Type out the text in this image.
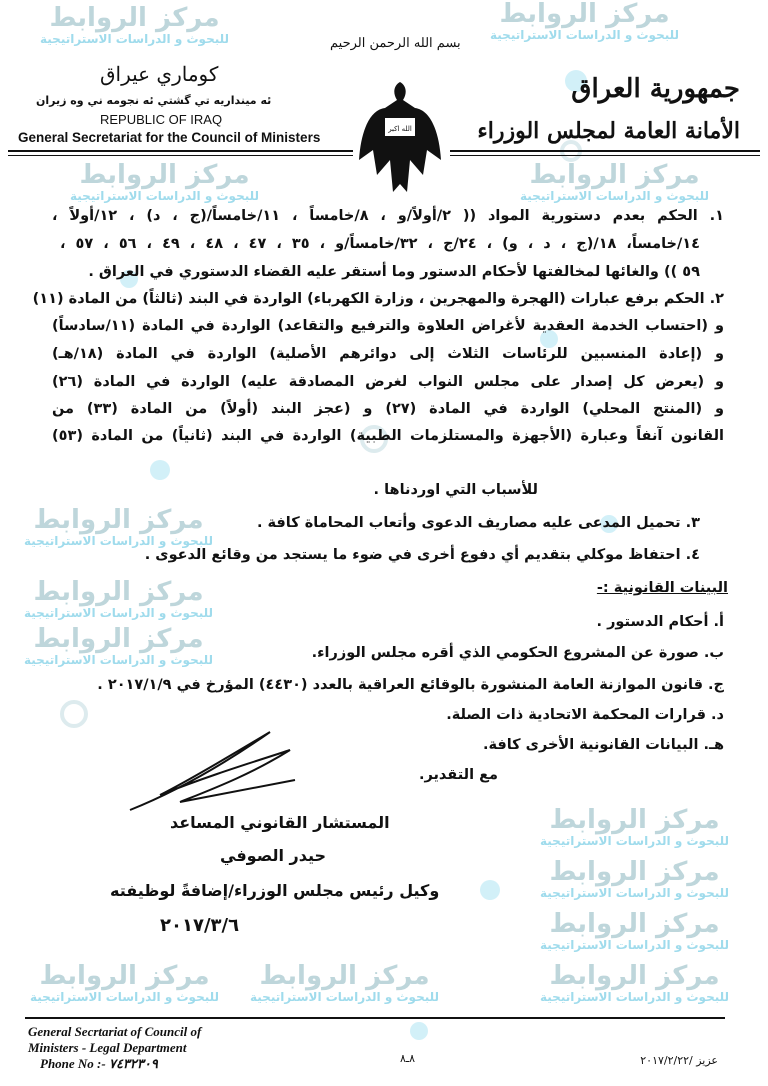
مركز الروابط
للبحوث و الدراسات الاستراتيجية
مركز الروابط
للبحوث و الدراسات الاستراتيجية
مركز الروابط
للبحوث و الدراسات الاستراتيجية
مركز الروابط
للبحوث و الدراسات الاستراتيجية
مركز الروابط
للبحوث و الدراسات الاستراتيجية
مركز الروابط
للبحوث و الدراسات الاستراتيجية
مركز الروابط
للبحوث و الدراسات الاستراتيجية
مركز الروابط
للبحوث و الدراسات الاستراتيجية
مركز الروابط
للبحوث و الدراسات الاستراتيجية
مركز الروابط
للبحوث و الدراسات الاستراتيجية
مركز الروابط
للبحوث و الدراسات الاستراتيجية
مركز الروابط
للبحوث و الدراسات الاستراتيجية
مركز الروابط
للبحوث و الدراسات الاستراتيجية
بسم الله الرحمن الرحيم
جمهورية العراق
الأمانة العامة لمجلس الوزراء
كوماري عيراق
ئه مينداريه تي گشتي ئه نجومه ني وه زيران
REPUBLIC OF IRAQ
General Secretariat for the Council of Ministers
الله اكبر
١. الحكم بعدم دستورية المواد (( ٢/أولاً/و ، ٨/خامساً ، ١١/خامساً/(ج ، د) ، ١٢/أولاً ،
١٤/خامساً، ١٨/(ج ، د ، و) ، ٢٤/ج ، ٣٢/خامساً/و ، ٣٥ ، ٤٧ ، ٤٨ ، ٤٩ ، ٥٦ ، ٥٧ ،
٥٩ )) والغائها لمخالفتها لأحكام الدستور وما أستقر عليه القضاء الدستوري في العراق .
٢. الحكم برفع عبارات (الهجرة والمهجرين ، وزارة الكهرباء) الواردة في البند (ثالثاً) من المادة (١١)
و (احتساب الخدمة العقدية لأغراض العلاوة والترفيع والتقاعد) الواردة في المادة (١١/سادساً)
و (إعادة المنسبين للرئاسات الثلاث إلى دوائرهم الأصلية) الواردة في المادة (١٨/هـ)
و (يعرض كل إصدار على مجلس النواب لغرض المصادقة عليه) الواردة في المادة (٢٦)
و (المنتج المحلي) الواردة في المادة (٢٧) و (عجز البند (أولاً) من المادة (٣٣) من
القانون آنفاً وعبارة (الأجهزة والمستلزمات الطبية) الواردة في البند (ثانياً) من المادة (٥٣)
للأسباب التي اوردناها .
٣. تحميل المدعى عليه مصاريف الدعوى وأتعاب المحاماة كافة .
٤. احتفاظ موكلي بتقديم أي دفوع أخرى في ضوء ما يستجد من وقائع الدعوى .
البينات القانونية :-
أ. أحكام الدستور .
ب. صورة عن المشروع الحكومي الذي أقره مجلس الوزراء.
ج. قانون الموازنة العامة المنشورة بالوقائع العراقية بالعدد (٤٤٣٠) المؤرخ في ٢٠١٧/١/٩ .
د. قرارات المحكمة الاتحادية ذات الصلة.
هـ. البيانات القانونية الأخرى كافة.
مع التقدير.
المستشار القانوني المساعد
حيدر الصوفي
وكيل رئيس مجلس الوزراء/إضافةً لوظيفته
٢٠١٧/٣/٦
General Secrtariat of Council of
Ministers - Legal Department
Phone No :- ٧٤٣٢٣٠٩	٨ـ٨	عزيز /٢٠١٧/٢/٢٢
